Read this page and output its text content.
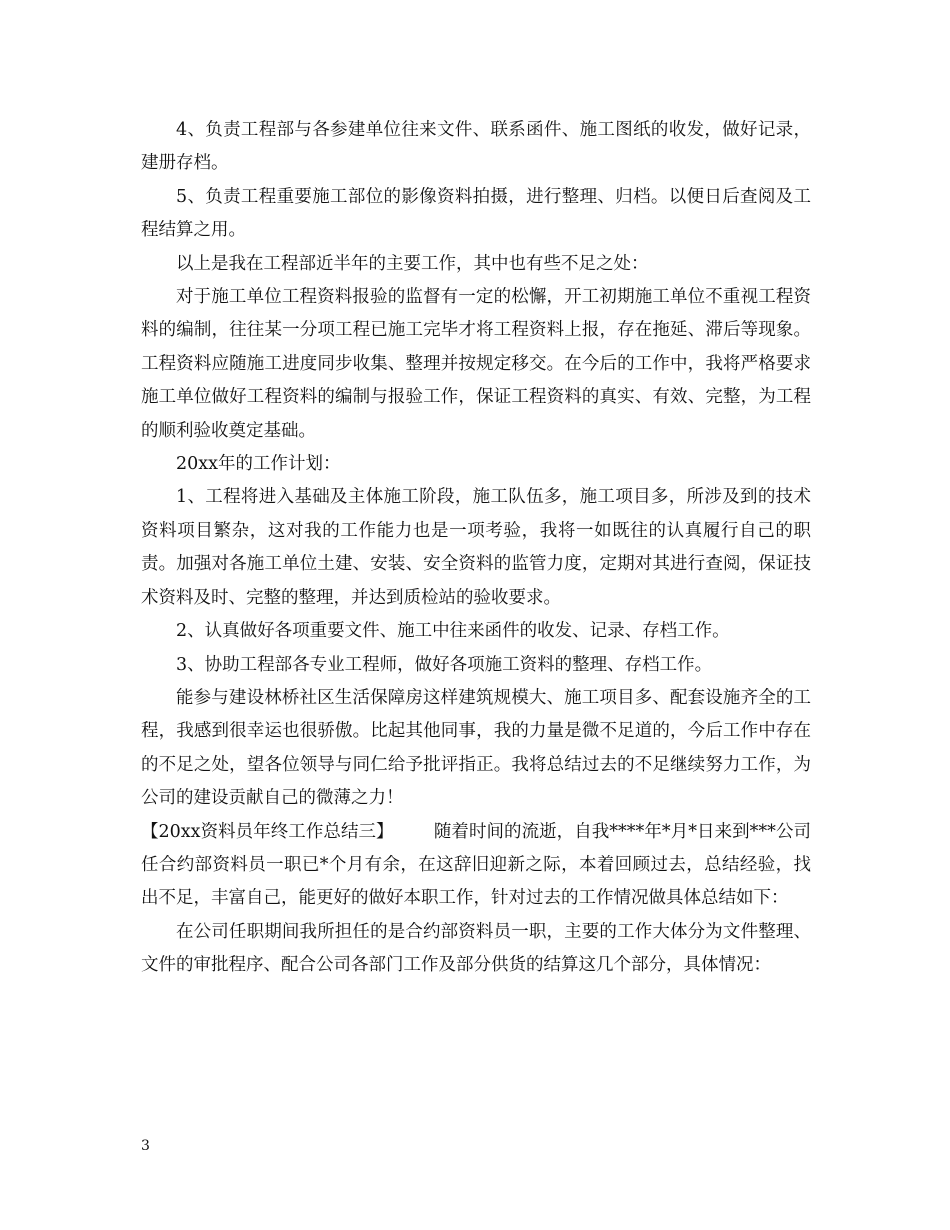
4、负责工程部与各参建单位往来文件、联系函件、施工图纸的收发，做好记录，建册存档。

5、负责工程重要施工部位的影像资料拍摄，进行整理、归档。以便日后查阅及工程结算之用。

以上是我在工程部近半年的主要工作，其中也有些不足之处：

对于施工单位工程资料报验的监督有一定的松懈，开工初期施工单位不重视工程资料的编制，往往某一分项工程已施工完毕才将工程资料上报，存在拖延、滞后等现象。工程资料应随施工进度同步收集、整理并按规定移交。在今后的工作中，我将严格要求施工单位做好工程资料的编制与报验工作，保证工程资料的真实、有效、完整，为工程的顺利验收奠定基础。

20xx年的工作计划：

1、工程将进入基础及主体施工阶段，施工队伍多，施工项目多，所涉及到的技术资料项目繁杂，这对我的工作能力也是一项考验，我将一如既往的认真履行自己的职责。加强对各施工单位土建、安装、安全资料的监管力度，定期对其进行查阅，保证技术资料及时、完整的整理，并达到质检站的验收要求。

2、认真做好各项重要文件、施工中往来函件的收发、记录、存档工作。

3、协助工程部各专业工程师，做好各项施工资料的整理、存档工作。

能参与建设林桥社区生活保障房这样建筑规模大、施工项目多、配套设施齐全的工程，我感到很幸运也很骄傲。比起其他同事，我的力量是微不足道的，今后工作中存在的不足之处，望各位领导与同仁给予批评指正。我将总结过去的不足继续努力工作，为公司的建设贡献自己的微薄之力！

【20xx资料员年终工作总结三】 随着时间的流逝，自我****年*月*日来到***公司任合约部资料员一职已*个月有余，在这辞旧迎新之际，本着回顾过去，总结经验，找出不足，丰富自己，能更好的做好本职工作，针对过去的工作情况做具体总结如下：

在公司任职期间我所担任的是合约部资料员一职，主要的工作大体分为文件整理、文件的审批程序、配合公司各部门工作及部分供货的结算这几个部分，具体情况：

3
